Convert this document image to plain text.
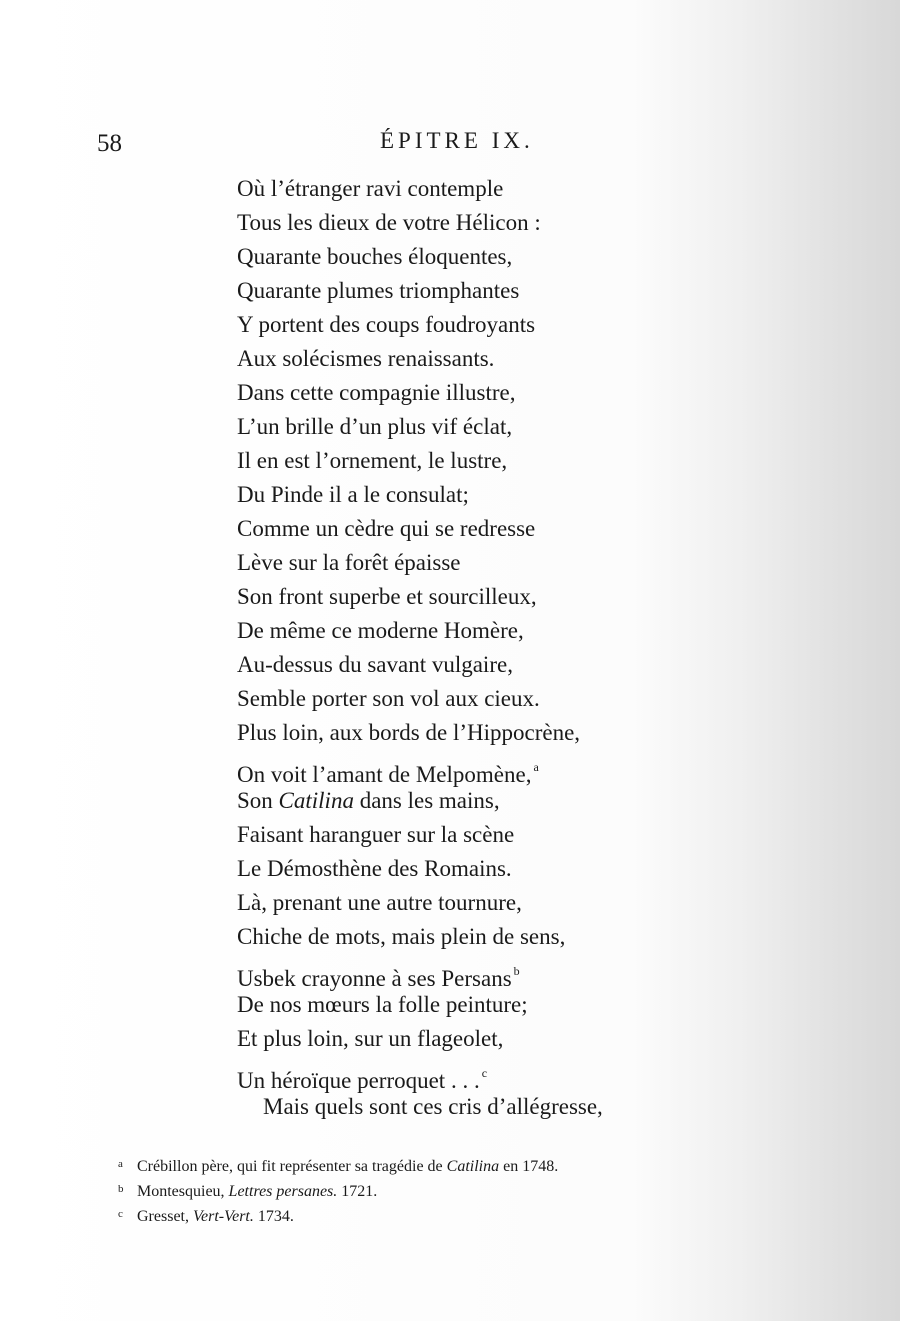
58	ÉPITRE IX.
Où l’étranger ravi contemple
Tous les dieux de votre Hélicon :
Quarante bouches éloquentes,
Quarante plumes triomphantes
Y portent des coups foudroyants
Aux solécismes renaissants.
Dans cette compagnie illustre,
L’un brille d’un plus vif éclat,
Il en est l’ornement, le lustre,
Du Pinde il a le consulat;
Comme un cèdre qui se redresse
Lève sur la forêt épaisse
Son front superbe et sourcilleux,
De même ce moderne Homère,
Au-dessus du savant vulgaire,
Semble porter son vol aux cieux.
Plus loin, aux bords de l’Hippocrène,
On voit l’amant de Melpomène, $^a$
Son Catilina dans les mains,
Faisant haranguer sur la scène
Le Démosthène des Romains.
Là, prenant une autre tournure,
Chiche de mots, mais plein de sens,
Usbek crayonne à ses Persans $^b$
De nos mœurs la folle peinture;
Et plus loin, sur un flageolet,
Un héroïque perroquet . . . $^c$
Mais quels sont ces cris d’allégresse,
a Crébillon père, qui fit représenter sa tragédie de Catilina en 1748.
b Montesquieu, Lettres persanes. 1721.
c Gresset, Vert-Vert. 1734.
